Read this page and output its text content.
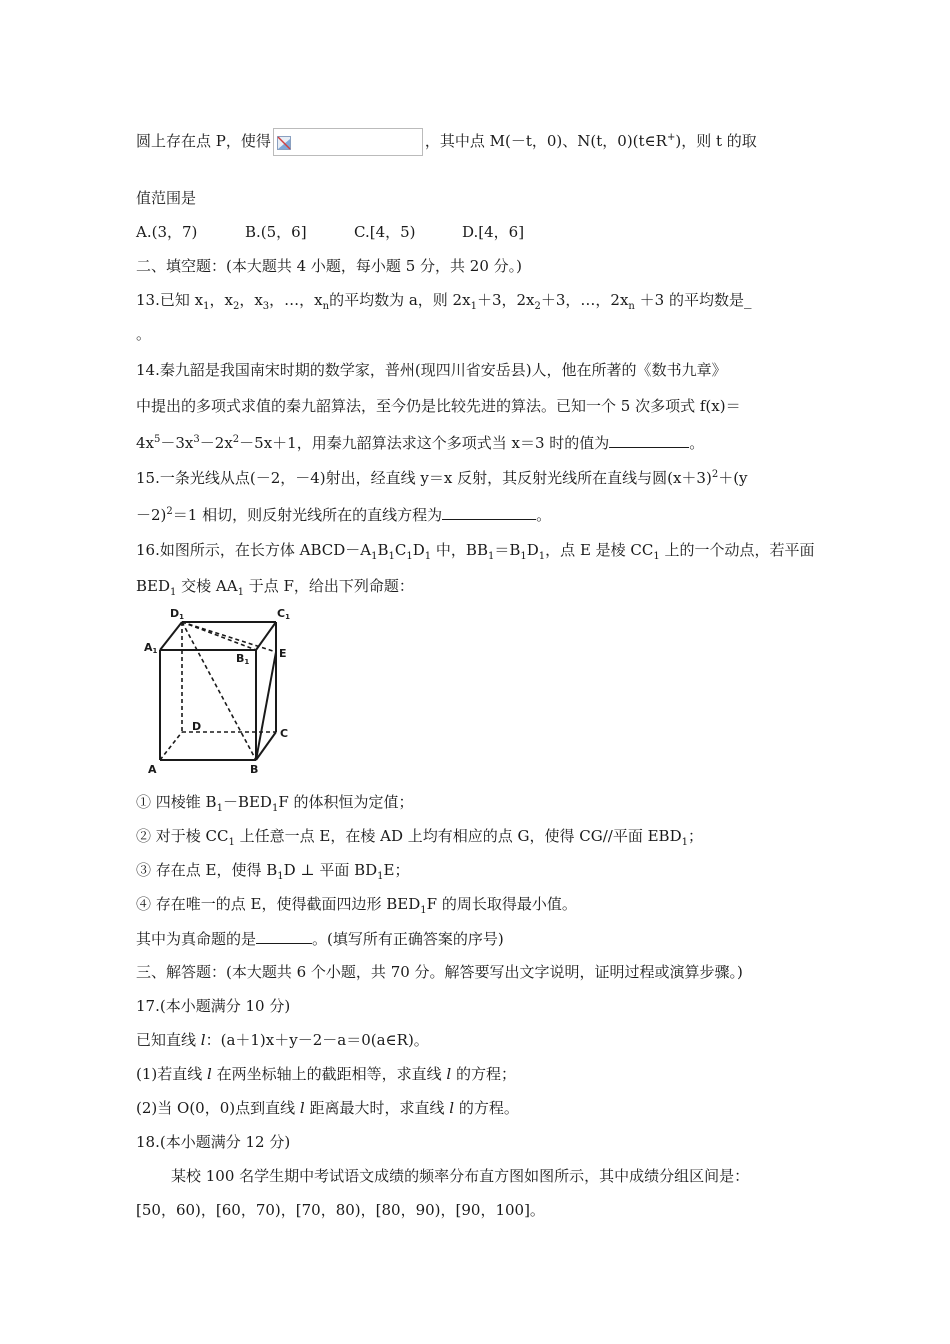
圆上存在点 P，使得	，其中点 M(－t，0)、N(t，0)(t∈R+)，则 t 的取
值范围是
A.(3，7)	B.(5，6]	C.[4，5)	D.[4，6]
二、填空题：(本大题共 4 小题，每小题 5 分，共 20 分。)
13.已知 $x_1$，$x_2$，$x_3$，…，$x_n$的平均数为 a，则 $2x_1+3$，$2x_2+3$，…，$2x_n +3$ 的平均数是_
。
14.秦九韶是我国南宋时期的数学家，普州(现四川省安岳县)人，他在所著的《数书九章》
中提出的多项式求值的秦九韶算法，至今仍是比较先进的算法。已知一个 5 次多项式 f(x)＝
$4x^5-3x^3-2x^2-5x+1$，用秦九韶算法求这个多项式当 x＝3 时的值为	。
15.一条光线从点(－2，－4)射出，经直线 y＝x 反射，其反射光线所在直线与圆$(x+3)^2+(y$
－2)$^2$＝1 相切，则反射光线所在的直线方程为	。
16.如图所示，在长方体 $ABCD-A_1B_1C_1D_1$ 中，$BB_1=B_1D_1$，点 E 是棱 $CC_1$ 上的一个动点，若平面
$BED_1$ 交棱 $AA_1$ 于点 F，给出下列命题：
D1	C1
A1
B1
E
D
C
A	B
① 四棱锥 $B_1-BED_1F$ 的体积恒为定值；
② 对于棱 $CC_1$ 上任意一点 E，在棱 AD 上均有相应的点 G，使得 CG//平面 $EBD_1$；
③ 存在点 E，使得 $B_1D$ ⊥ 平面 $BD_1E$；
④ 存在唯一的点 E，使得截面四边形 $BED_1F$ 的周长取得最小值。
其中为真命题的是	。(填写所有正确答案的序号)
三、解答题：(本大题共 6 个小题，共 70 分。解答要写出文字说明，证明过程或演算步骤。)
17.(本小题满分 10 分)
已知直线 l：(a＋1)x＋y－2－a＝0(a∈R)。
(1)若直线 l 在两坐标轴上的截距相等，求直线 l 的方程；
(2)当 O(0，0)点到直线 l 距离最大时，求直线 l 的方程。
18.(本小题满分 12 分)
某校 100 名学生期中考试语文成绩的频率分布直方图如图所示，其中成绩分组区间是：
[50，60)，[60，70)，[70，80)，[80，90)，[90，100]。
